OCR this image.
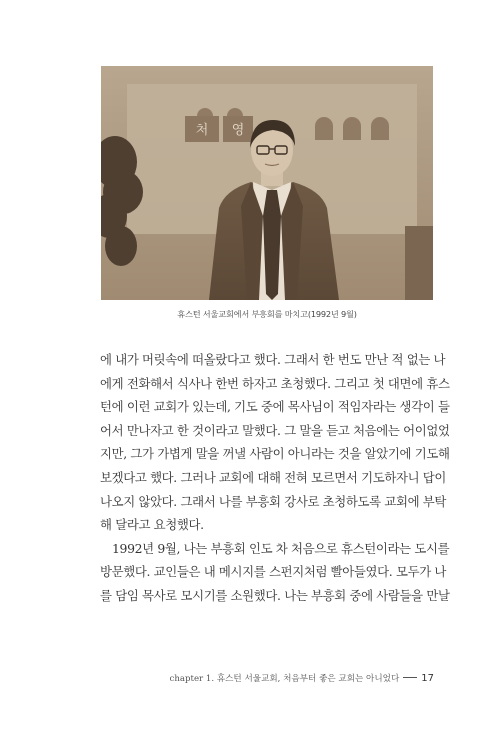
처 영
휴스턴 서울교회에서 부흥회를 마치고(1992년 9월)
에 내가 머릿속에 떠올랐다고 했다. 그래서 한 번도 만난 적 없는 나
에게 전화해서 식사나 한번 하자고 초청했다. 그리고 첫 대면에 휴스
턴에 이런 교회가 있는데, 기도 중에 목사님이 적임자라는 생각이 들
어서 만나자고 한 것이라고 말했다. 그 말을 듣고 처음에는 어이없었
지만, 그가 가볍게 말을 꺼낼 사람이 아니라는 것을 알았기에 기도해
보겠다고 했다. 그러나 교회에 대해 전혀 모르면서 기도하자니 답이
나오지 않았다. 그래서 나를 부흥회 강사로 초청하도록 교회에 부탁
해 달라고 요청했다.
1992년 9월, 나는 부흥회 인도 차 처음으로 휴스턴이라는 도시를
방문했다. 교인들은 내 메시지를 스펀지처럼 빨아들였다. 모두가 나
를 담임 목사로 모시기를 소원했다. 나는 부흥회 중에 사람들을 만날
chapter 1. 휴스턴 서울교회, 처음부터 좋은 교회는 아니었다 17
